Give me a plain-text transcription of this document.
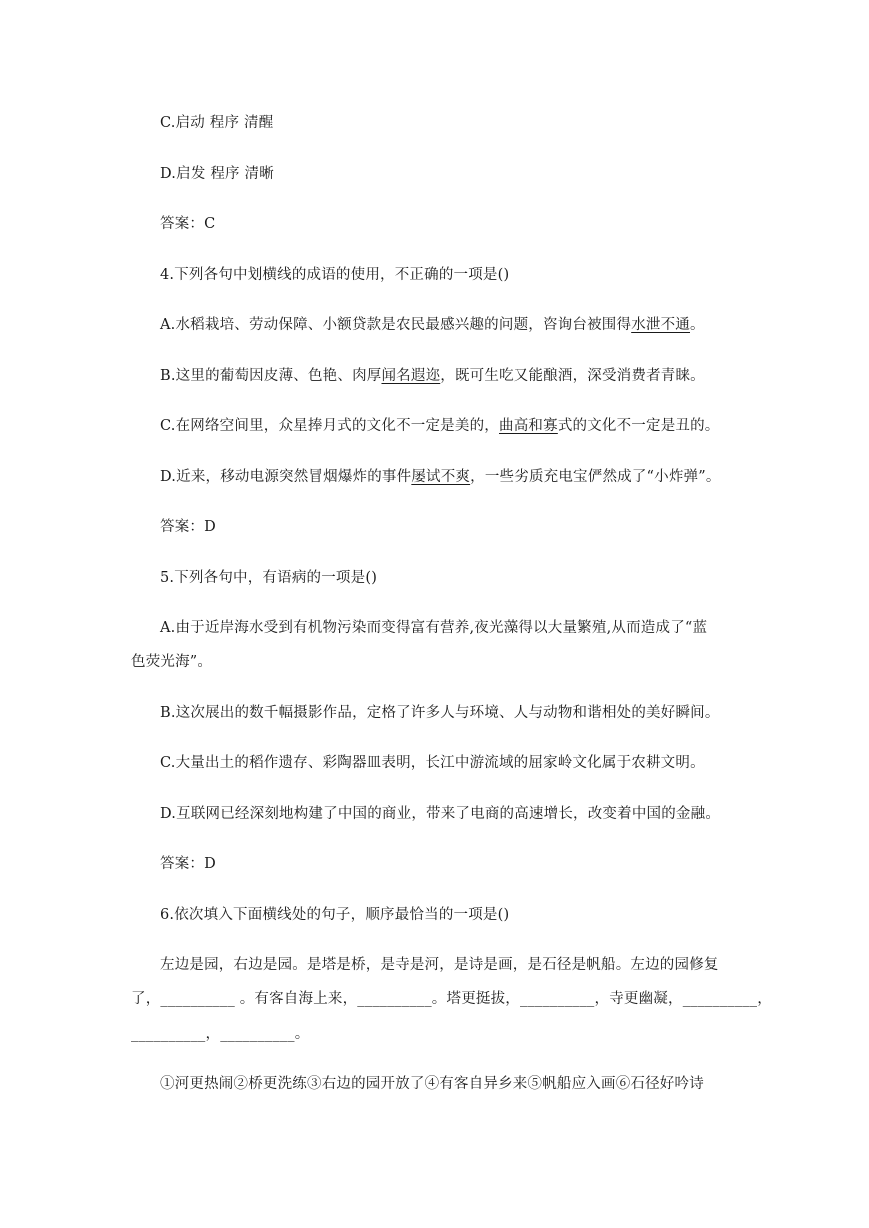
C.启动 程序 清醒
D.启发 程序 清晰
答案：C
4.下列各句中划横线的成语的使用，不正确的一项是()
A.水稻栽培、劳动保障、小额贷款是农民最感兴趣的问题，咨询台被围得水泄不通。
B.这里的葡萄因皮薄、色艳、肉厚闻名遐迩，既可生吃又能酿酒，深受消费者青睐。
C.在网络空间里，众星捧月式的文化不一定是美的，曲高和寡式的文化不一定是丑的。
D.近来，移动电源突然冒烟爆炸的事件屡试不爽，一些劣质充电宝俨然成了“小炸弹”。
答案：D
5.下列各句中，有语病的一项是()
A.由于近岸海水受到有机物污染而变得富有营养,夜光藻得以大量繁殖,从而造成了“蓝
色荧光海”。
B.这次展出的数千幅摄影作品，定格了许多人与环境、人与动物和谐相处的美好瞬间。
C.大量出土的稻作遗存、彩陶器皿表明，长江中游流域的屈家岭文化属于农耕文明。
D.互联网已经深刻地构建了中国的商业，带来了电商的高速增长，改变着中国的金融。
答案：D
6.依次填入下面横线处的句子，顺序最恰当的一项是()
左边是园，右边是园。是塔是桥，是寺是河，是诗是画，是石径是帆船。左边的园修复
了，__________ 。有客自海上来，__________。塔更挺拔，__________，寺更幽凝，__________，
__________，__________。
①河更热闹②桥更洗练③右边的园开放了④有客自异乡来⑤帆船应入画⑥石径好吟诗
